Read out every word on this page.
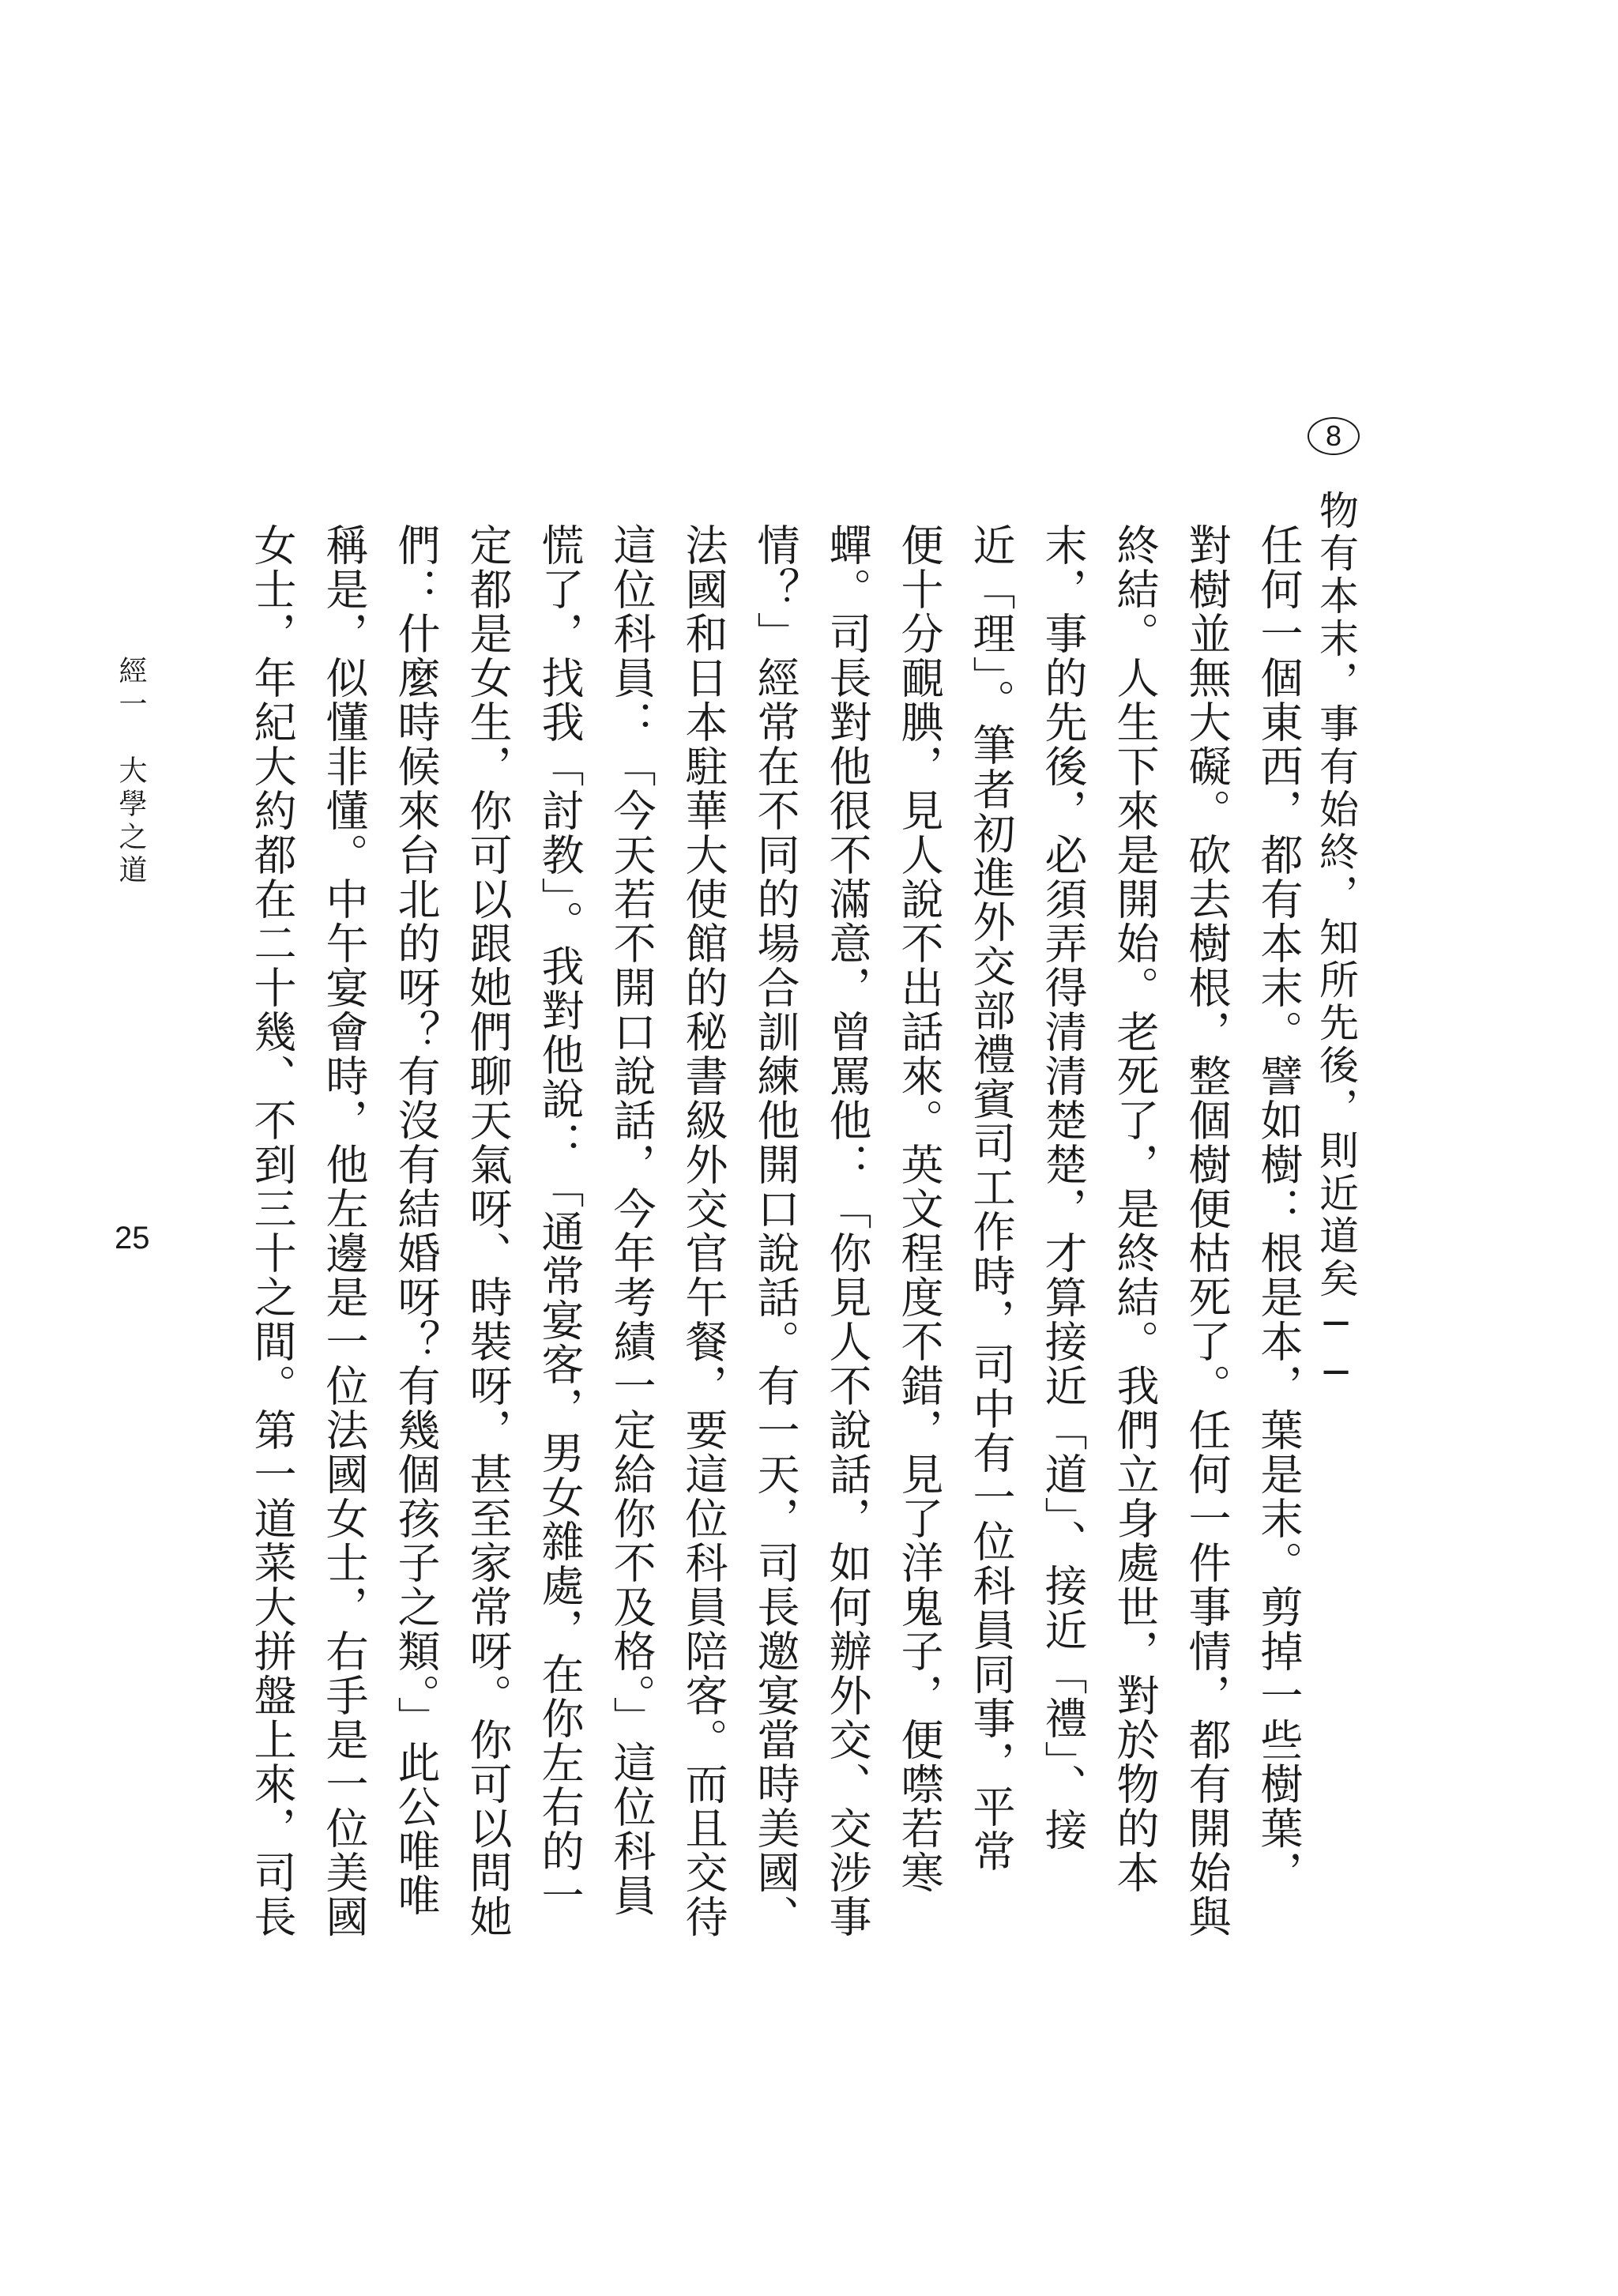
8
物有本末，事有始終，知所先後，則近道矣──
任何一個東西，都有本末。譬如樹：根是本，葉是末。剪掉一些樹葉，
對樹並無大礙。砍去樹根，整個樹便枯死了。任何一件事情，都有開始與
終結。人生下來是開始。老死了，是終結。我們立身處世，對於物的本
末，事的先後，必須弄得清清楚楚，才算接近「道」、接近「禮」、接
近「理」。筆者初進外交部禮賓司工作時，司中有一位科員同事，平常
便十分靦腆，見人說不出話來。英文程度不錯，見了洋鬼子，便噤若寒
蟬。司長對他很不滿意，曾罵他：「你見人不說話，如何辦外交、交涉事
情？」經常在不同的場合訓練他開口說話。有一天，司長邀宴當時美國、
法國和日本駐華大使館的秘書級外交官午餐，要這位科員陪客。而且交待
這位科員：「今天若不開口說話，今年考績一定給你不及格。」這位科員
慌了，找我「討教」。我對他說：「通常宴客，男女雜處，在你左右的一
定都是女生，你可以跟她們聊天氣呀、時裝呀，甚至家常呀。你可以問她
們：什麼時候來台北的呀？有沒有結婚呀？有幾個孩子之類。」此公唯唯
稱是，似懂非懂。中午宴會時，他左邊是一位法國女士，右手是一位美國
女士，年紀大約都在二十幾、不到三十之間。第一道菜大拼盤上來，司長
經一　大學之道
25
